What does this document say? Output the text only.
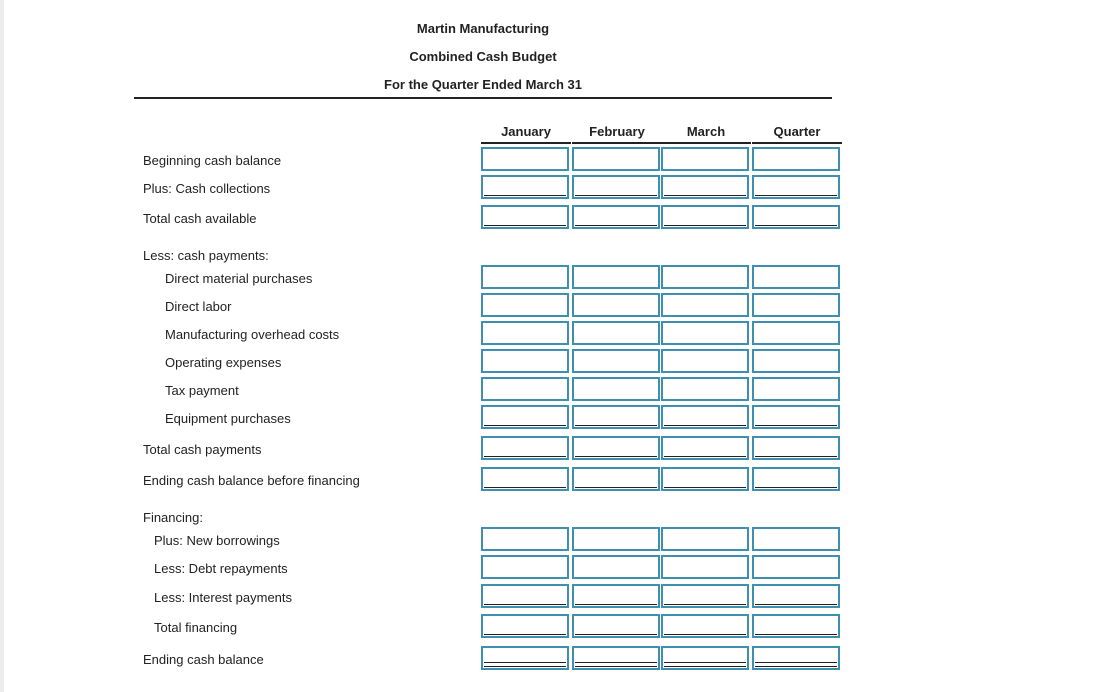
Martin Manufacturing
Combined Cash Budget
For the Quarter Ended March 31
January	February	March	Quarter
Beginning cash balance
Plus: Cash collections
Total cash available
Less: cash payments:
Direct material purchases
Direct labor
Manufacturing overhead costs
Operating expenses
Tax payment
Equipment purchases
Total cash payments
Ending cash balance before financing
Financing:
Plus: New borrowings
Less: Debt repayments
Less: Interest payments
Total financing
Ending cash balance
